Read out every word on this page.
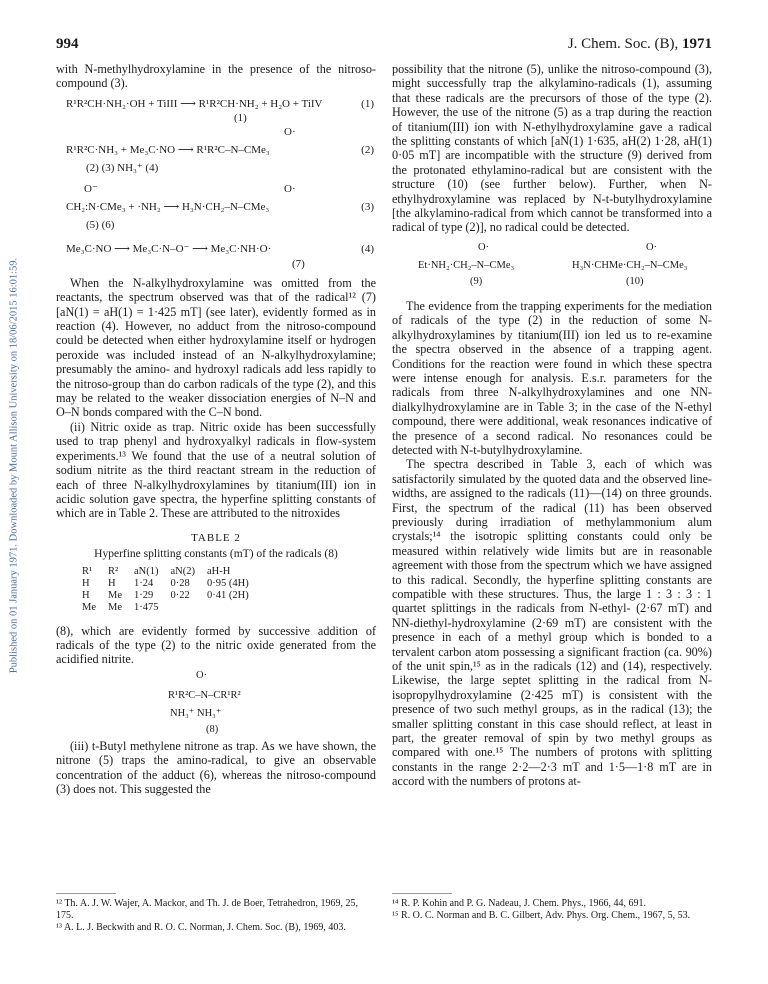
994	J. Chem. Soc. (B), 1971
Published on 01 January 1971. Downloaded by Mount Allison University on 18/06/2015 16:01:59.

with N-methylhydroxylamine in the presence of the nitroso-compound (3).

R¹R²CH·NH₂·OH + TiIII ⟶ R¹R²CH·NH₂ + H₂O + TiIV	(1)
(1)
O·
R¹R²C·NH₃ + Me₃C·NO ⟶ R¹R²C–N–CMe₃	(2)
(2) (3) NH₃⁺ (4)
O⁻	O·
CH₂:N·CMe₃ + ·NH₂ ⟶ H₃N·CH₂–N–CMe₃	(3)
(5) (6)
Me₃C·NO ⟶ Me₃C·N–O⁻ ⟶ Me₃C·NH·O·	(4)
(7)

When the N-alkylhydroxylamine was omitted from the reactants, the spectrum observed was that of the radical¹² (7) [aN(1) = aH(1) = 1·425 mT] (see later), evidently formed as in reaction (4). However, no adduct from the nitroso-compound could be detected when either hydroxylamine itself or hydrogen peroxide was included instead of an N-alkylhydroxylamine; presumably the amino- and hydroxyl radicals add less rapidly to the nitroso-group than do carbon radicals of the type (2), and this may be related to the weaker dissociation energies of N–N and O–N bonds compared with the C–N bond.

(ii) Nitric oxide as trap. Nitric oxide has been successfully used to trap phenyl and hydroxyalkyl radicals in flow-system experiments.¹³ We found that the use of a neutral solution of sodium nitrite as the third reactant stream in the reduction of each of three N-alkylhydroxylamines by titanium(III) ion in acidic solution gave spectra, the hyperfine splitting constants of which are in Table 2. These are attributed to the nitroxides

TABLE 2
Hyperfine splitting constants (mT) of the radicals (8)
R¹	R²	aN(1)	aN(2)	aH-H
H	H	1·24	0·28	0·95 (4H)
H	Me	1·29	0·22	0·41 (2H)
Me	Me	1·475		

(8), which are evidently formed by successive addition of radicals of the type (2) to the nitric oxide generated from the acidified nitrite.

O·
R¹R²C–N–CR¹R²
NH₃⁺ NH₃⁺
(8)

(iii) t-Butyl methylene nitrone as trap. As we have shown, the nitrone (5) traps the amino-radical, to give an observable concentration of the adduct (6), whereas the nitroso-compound (3) does not. This suggested the

possibility that the nitrone (5), unlike the nitroso-compound (3), might successfully trap the alkylamino-radicals (1), assuming that these radicals are the precursors of those of the type (2). However, the use of the nitrone (5) as a trap during the reaction of titanium(III) ion with N-ethylhydroxylamine gave a radical the splitting constants of which [aN(1) 1·635, aH(2) 1·28, aH(1) 0·05 mT] are incompatible with the structure (9) derived from the protonated ethylamino-radical but are consistent with the structure (10) (see further below). Further, when N-ethylhydroxylamine was replaced by N-t-butylhydroxylamine [the alkylamino-radical from which cannot be transformed into a radical of type (2)], no radical could be detected.

O·
Et·NH₂·CH₂–N–CMe₃
(9)
O·
H₃N·CHMe·CH₂–N–CMe₃
(10)

The evidence from the trapping experiments for the mediation of radicals of the type (2) in the reduction of some N-alkylhydroxylamines by titanium(III) ion led us to re-examine the spectra observed in the absence of a trapping agent. Conditions for the reaction were found in which these spectra were intense enough for analysis. E.s.r. parameters for the radicals from three N-alkylhydroxylamines and one NN-dialkylhydroxylamine are in Table 3; in the case of the N-ethyl compound, there were additional, weak resonances indicative of the presence of a second radical. No resonances could be detected with N-t-butylhydroxylamine.

The spectra described in Table 3, each of which was satisfactorily simulated by the quoted data and the observed line-widths, are assigned to the radicals (11)—(14) on three grounds. First, the spectrum of the radical (11) has been observed previously during irradiation of methylammonium alum crystals;¹⁴ the isotropic splitting constants could only be measured within relatively wide limits but are in reasonable agreement with those from the spectrum which we have assigned to this radical. Secondly, the hyperfine splitting constants are compatible with these structures. Thus, the large 1 : 3 : 3 : 1 quartet splittings in the radicals from N-ethyl- (2·67 mT) and NN-diethyl-hydroxylamine (2·69 mT) are consistent with the presence in each of a methyl group which is bonded to a tervalent carbon atom possessing a significant fraction (ca. 90%) of the unit spin,¹⁵ as in the radicals (12) and (14), respectively. Likewise, the large septet splitting in the radical from N-isopropylhydroxylamine (2·425 mT) is consistent with the presence of two such methyl groups, as in the radical (13); the smaller splitting constant in this case should reflect, at least in part, the greater removal of spin by two methyl groups as compared with one.¹⁵ The numbers of protons with splitting constants in the range 2·2—2·3 mT and 1·5—1·8 mT are in accord with the numbers of protons at-

¹² Th. A. J. W. Wajer, A. Mackor, and Th. J. de Boer, Tetrahedron, 1969, 25, 175.

¹³ A. L. J. Beckwith and R. O. C. Norman, J. Chem. Soc. (B), 1969, 403.

¹⁴ R. P. Kohin and P. G. Nadeau, J. Chem. Phys., 1966, 44, 691.

¹⁵ R. O. C. Norman and B. C. Gilbert, Adv. Phys. Org. Chem., 1967, 5, 53.
